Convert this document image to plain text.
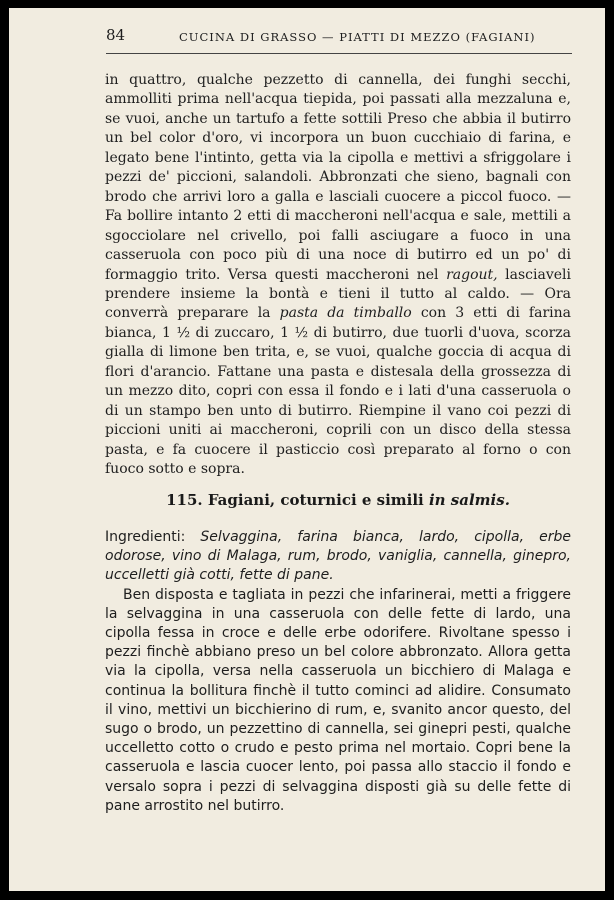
84	CUCINA DI GRASSO — PIATTI DI MEZZO (FAGIANI)

in quattro, qualche pezzetto di cannella, dei funghi secchi, ammolliti prima nell'acqua tiepida, poi passati alla mezzaluna e, se vuoi, anche un tartufo a fette sottili Preso che abbia il butirro un bel color d'oro, vi incorpora un buon cucchiaio di farina, e legato bene l'intinto, getta via la cipolla e mettivi a sfriggolare i pezzi de' piccioni, salandoli. Abbronzati che sieno, bagnali con brodo che arrivi loro a galla e lasciali cuocere a piccol fuoco. — Fa bollire intanto 2 etti di maccheroni nell'acqua e sale, mettili a sgocciolare nel crivello, poi falli asciugare a fuoco in una casseruola con poco più di una noce di butirro ed un po' di formaggio trito. Versa questi maccheroni nel ragout, lasciaveli prendere insieme la bontà e tieni il tutto al caldo. — Ora converrà preparare la pasta da timballo con 3 etti di farina bianca, 1 ½ di zuccaro, 1 ½ di butirro, due tuorli d'uova, scorza gialla di limone ben trita, e, se vuoi, qualche goccia di acqua di flori d'arancio. Fattane una pasta e distesala della grossezza di un mezzo dito, copri con essa il fondo e i lati d'una casseruola o di un stampo ben unto di butirro. Riempine il vano coi pezzi di piccioni uniti ai maccheroni, coprili con un disco della stessa pasta, e fa cuocere il pasticcio così preparato al forno o con fuoco sotto e sopra.

115. Fagiani, coturnici e simili in salmis.

Ingredienti: Selvaggina, farina bianca, lardo, cipolla, erbe odorose, vino di Malaga, rum, brodo, vaniglia, cannella, ginepro, uccelletti già cotti, fette di pane.

Ben disposta e tagliata in pezzi che infarinerai, metti a friggere la selvaggina in una casseruola con delle fette di lardo, una cipolla fessa in croce e delle erbe odorifere. Rivoltane spesso i pezzi finchè abbiano preso un bel colore abbronzato. Allora getta via la cipolla, versa nella casseruola un bicchiero di Malaga e continua la bollitura finchè il tutto cominci ad alidire. Consumato il vino, mettivi un bicchierino di rum, e, svanito ancor questo, del sugo o brodo, un pezzettino di cannella, sei ginepri pesti, qualche uccelletto cotto o crudo e pesto prima nel mortaio. Copri bene la casseruola e lascia cuocer lento, poi passa allo staccio il fondo e versalo sopra i pezzi di selvaggina disposti già su delle fette di pane arrostito nel butirro.
